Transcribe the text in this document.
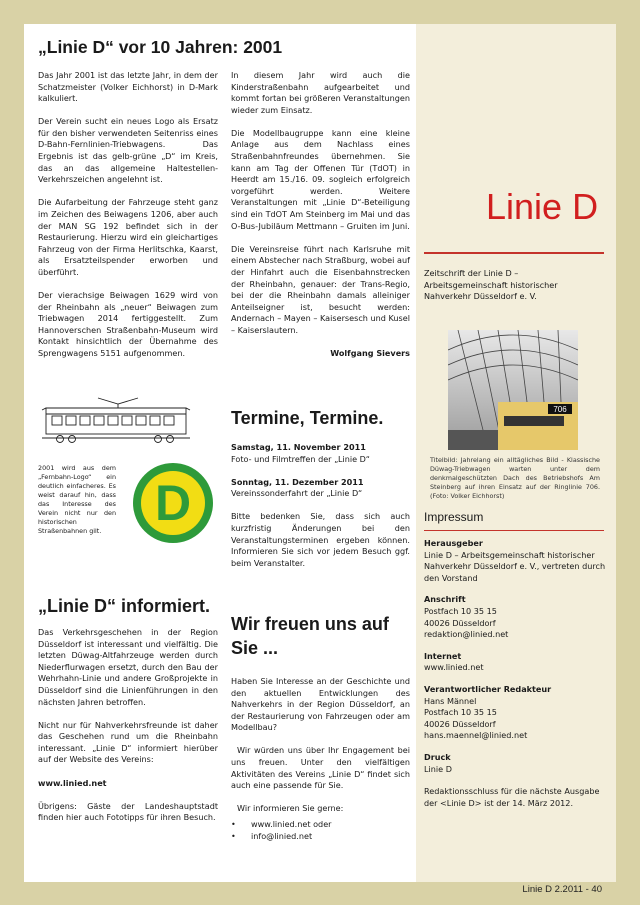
„Linie D“ vor 10 Jahren: 2001

Das Jahr 2001 ist das letzte Jahr, in dem der Schatzmeister (Volker Eichhorst) in D-Mark kalkuliert.

Der Verein sucht ein neues Logo als Ersatz für den bisher verwendeten Seitenriss eines D-Bahn-Fernlinien-Triebwagens. Das Ergebnis ist das gelb-grüne „D“ im Kreis, das an das allgemeine Haltestellen-Verkehrszeichen angelehnt ist.

Die Aufarbeitung der Fahrzeuge steht ganz im Zeichen des Beiwagens 1206, aber auch der MAN SG 192 befindet sich in der Restaurierung. Hierzu wird ein gleichartiges Fahrzeug von der Firma Herlitschka, Kaarst, als Ersatzteilspender erworben und überführt.

Der vierachsige Beiwagen 1629 wird von der Rheinbahn als „neuer“ Beiwagen zum Triebwagen 2014 fertiggestellt. Zum Hannoverschen Straßenbahn-Museum wird Kontakt hinsichtlich der Übernahme des Sprengwagens 5151 aufgenommen.

In diesem Jahr wird auch die Kinderstraßenbahn aufgearbeitet und kommt fortan bei größeren Veranstaltungen wieder zum Einsatz.

Die Modellbaugruppe kann eine kleine Anlage aus dem Nachlass eines Straßenbahnfreundes übernehmen. Sie kann am Tag der Offenen Tür (TdOT) in Heerdt am 15./16. 09. sogleich erfolgreich vorgeführt werden. Weitere Veranstaltungen mit „Linie D“-Beteiligung sind ein TdOT Am Steinberg im Mai und das O-Bus-Jubiläum Mettmann – Gruiten im Juni.

Die Vereinsreise führt nach Karlsruhe mit einem Abstecher nach Straßburg, wobei auf der Hinfahrt auch die Eisenbahnstrecken der Rheinbahn, genauer: der Trans-Regio, bei der die Rheinbahn damals alleiniger Anteilseigner ist, besucht werden: Andernach – Mayen – Kaisersesch und Kusel – Kaiserslautern.

Wolfgang Sievers

2001 wird aus dem „Fernbahn-Logo“ ein deutlich einfacheres. Es weist darauf hin, dass das Interesse des Verein nicht nur den historischen Straßenbahnen gilt. D
„Linie D“ informiert.

Das Verkehrsgeschehen in der Region Düsseldorf ist interessant und vielfältig. Die letzten Düwag-Altfahrzeuge werden durch Niederflurwagen ersetzt, durch den Bau der Wehrhahn-Linie und andere Großprojekte in Düsseldorf sind die Linienführungen in den nächsten Jahren betroffen.

Nicht nur für Nahverkehrsfreunde ist daher das Geschehen rund um die Rheinbahn interessant. „Linie D“ informiert hierüber auf der Website des Vereins:

www.linied.net

Übrigens: Gäste der Landeshauptstadt finden hier auch Fototipps für ihren Besuch.

Termine, Termine.
Samstag, 11. November 2011

Foto- und Filmtreffen der „Linie D“

Sonntag, 11. Dezember 2011

Vereinssonderfahrt der „Linie D“

Bitte bedenken Sie, dass sich auch kurzfristig Änderungen bei den Veranstaltungsterminen ergeben können. Informieren Sie sich vor jedem Besuch ggf. beim Veranstalter.

Wir freuen uns auf Sie ...

Haben Sie Interesse an der Geschichte und den aktuellen Entwicklungen des Nahverkehrs in der Region Düsseldorf, an der Restaurierung von Fahrzeugen oder am Modellbau?

Wir würden uns über Ihr Engagement bei uns freuen. Unter den vielfältigen Aktivitäten des Vereins „Linie D“ findet sich auch eine passende für Sie.

Wir informieren Sie gerne:

• www.linied.net oder
• info@linied.net
Linie D
Zeitschrift der Linie D – Arbeitsgemeinschaft historischer Nahverkehr Düsseldorf e. V.
706
Titelbild: Jahrelang ein alltägliches Bild - Klassische Düwag-Triebwagen warten unter dem denkmalgeschützten Dach des Betriebshofs Am Steinberg auf ihren Einsatz auf der Ringlinie 706. (Foto: Volker Eichhorst)
Impressum
Herausgeber
Linie D – Arbeitsgemeinschaft historischer Nahverkehr Düsseldorf e. V., vertreten durch den Vorstand
Anschrift
Postfach 10 35 15
40026 Düsseldorf
redaktion@linied.net
Internet
www.linied.net
Verantwortlicher Redakteur
Hans Männel
Postfach 10 35 15
40026 Düsseldorf
hans.maennel@linied.net
Druck
Linie D
Redaktionsschluss für die nächste Ausgabe der <Linie D> ist der 14. März 2012.
Linie D 2.2011 - 40
